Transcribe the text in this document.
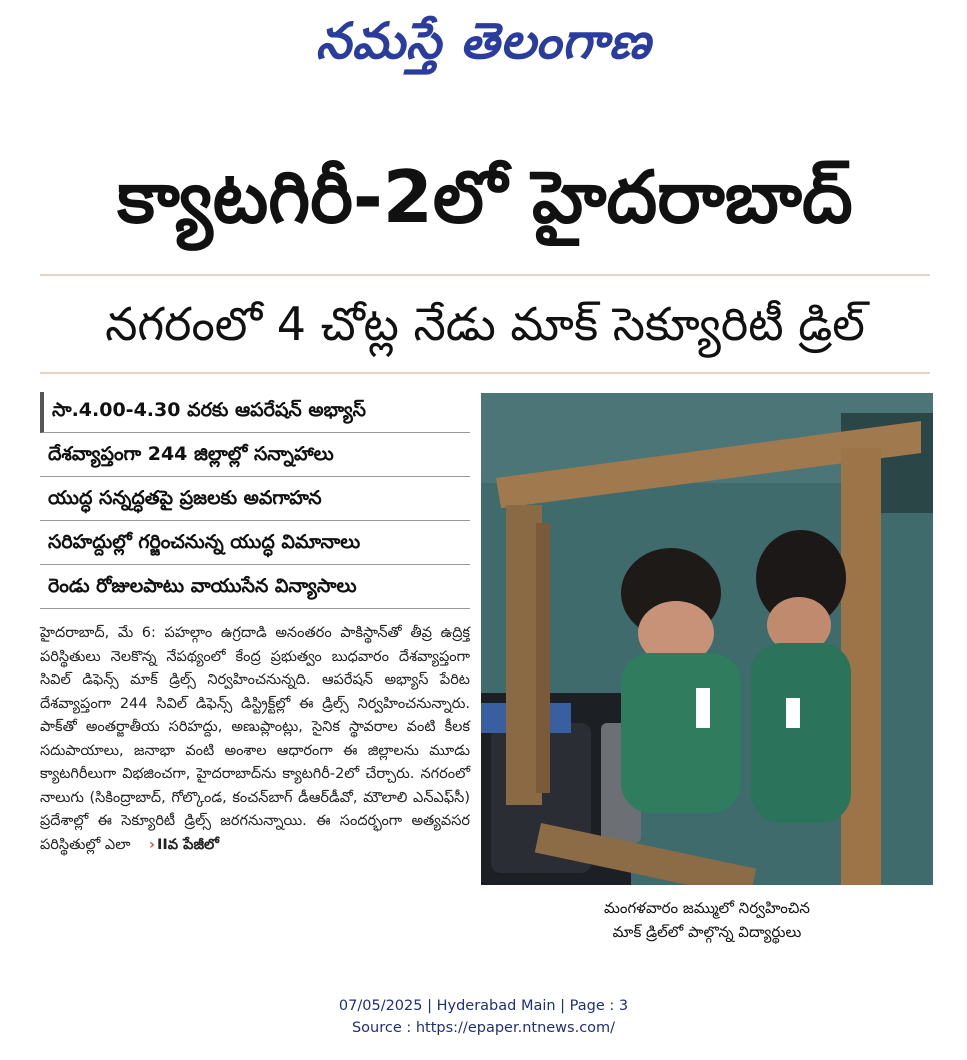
నమస్తే తెలంగాణ
క్యాటగిరీ-2లో హైదరాబాద్
నగరంలో 4 చోట్ల నేడు మాక్ సెక్యూరిటీ డ్రిల్
సా.4.00-4.30 వరకు ఆపరేషన్ అభ్యాస్
దేశవ్యాప్తంగా 244 జిల్లాల్లో సన్నాహాలు
యుద్ధ సన్నద్ధతపై ప్రజలకు అవగాహన
సరిహద్దుల్లో గర్జించనున్న యుద్ధ విమానాలు
రెండు రోజులపాటు వాయుసేన విన్యాసాలు
హైదరాబాద్, మే 6: పహల్గాం ఉగ్రదాడి అనంతరం పాకిస్థాన్‌తో తీవ్ర ఉద్రిక్త పరిస్థితులు నెలకొన్న నేపథ్యంలో కేంద్ర ప్రభుత్వం బుధవారం దేశవ్యాప్తంగా సివిల్ డిఫెన్స్ మాక్ డ్రిల్స్ నిర్వహించనున్నది. ఆపరేషన్ అభ్యాస్ పేరిట దేశవ్యాప్తంగా 244 సివిల్ డిఫెన్స్ డిస్ట్రిక్ట్‌ల్లో ఈ డ్రిల్స్ నిర్వహించనున్నారు. పాక్‌తో అంతర్జాతీయ సరిహద్దు, అణుప్లాంట్లు, సైనిక స్థావరాల వంటి కీలక సదుపాయాలు, జనాభా వంటి అంశాల ఆధారంగా ఈ జిల్లాలను మూడు క్యాటగిరీలుగా విభజించగా, హైదరాబాద్‌ను క్యాటగిరీ-2లో చేర్చారు. నగరంలో నాలుగు (సికింద్రాబాద్, గోల్కొండ, కంచన్‌బాగ్ డీఆర్‌డీవో, మౌలాలి ఎన్‌ఎఫ్‌సీ) ప్రదేశాల్లో ఈ సెక్యూరిటీ డ్రిల్స్ జరగనున్నాయి. ఈ సందర్భంగా అత్యవసర పరిస్థితుల్లో ఎలా › IIవ పేజీలో
మంగళవారం జమ్ములో నిర్వహించిన
మాక్ డ్రిల్‌లో పాల్గొన్న విద్యార్థులు
07/05/2025 | Hyderabad Main | Page : 3
Source : https://epaper.ntnews.com/
